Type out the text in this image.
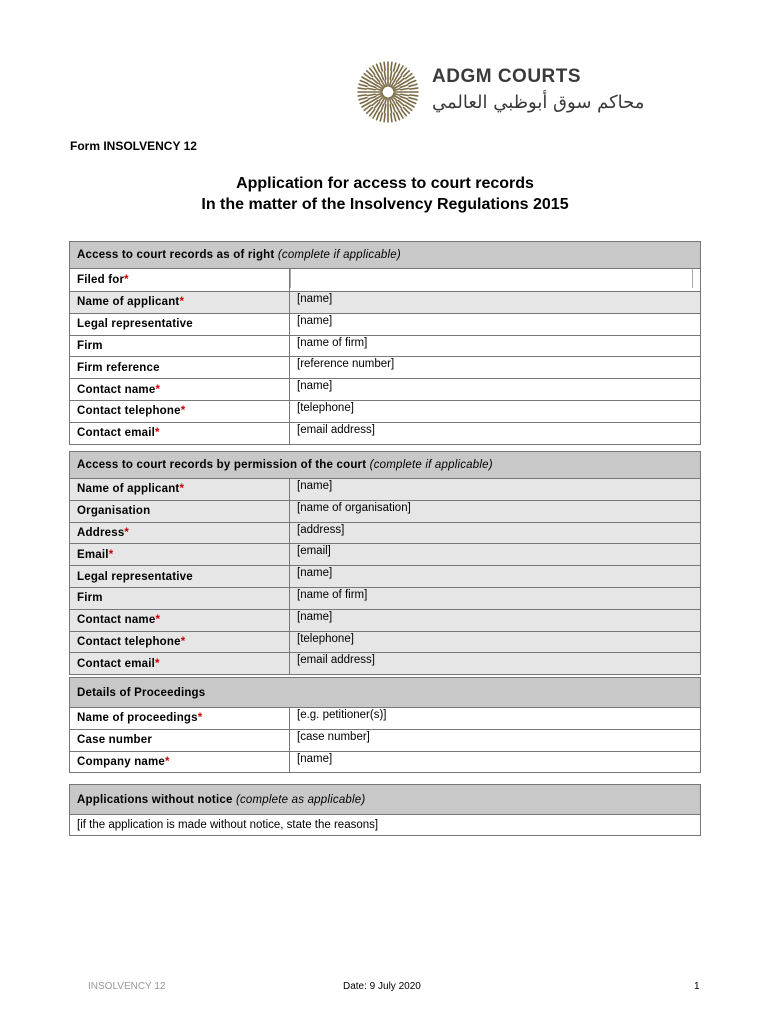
ADGM COURTS
محاكم سوق أبوظبي العالمي
Form INSOLVENCY 12
Application for access to court records
In the matter of the Insolvency Regulations 2015
Access to court records as of right (complete if applicable)	
Filed for*	
Name of applicant*	[name]
Legal representative	[name]
Firm	[name of firm]
Firm reference	[reference number]
Contact name*	[name]
Contact telephone*	[telephone]
Contact email*	[email address]
Access to court records by permission of the court (complete if applicable)	
Name of applicant*	[name]
Organisation	[name of organisation]
Address*	[address]
Email*	[email]
Legal representative	[name]
Firm	[name of firm]
Contact name*	[name]
Contact telephone*	[telephone]
Contact email*	[email address]
Details of Proceedings	
Name of proceedings*	[e.g. petitioner(s)]
Case number	[case number]
Company name*	[name]
Applications without notice (complete as applicable)
[if the application is made without notice, state the reasons]
INSOLVENCY 12	Date: 9 July 2020	1
